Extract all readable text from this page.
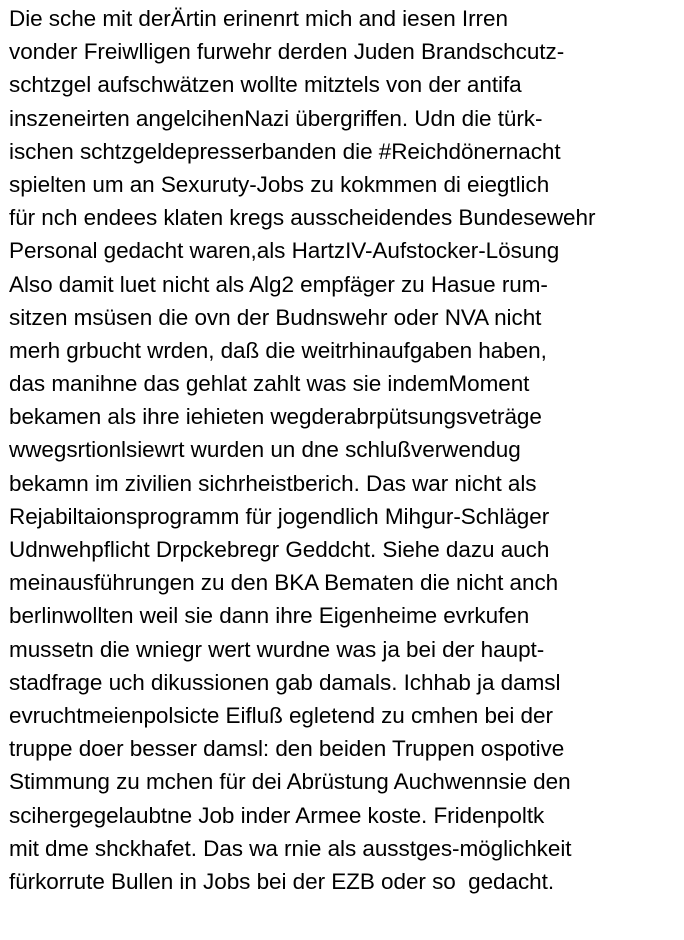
Die sche mit derÄrtin erinenrt mich and iesen Irren
vonder Freiwlligen furwehr derden Juden Brandschcutz-
schtzgel aufschwätzen wollte mitztels von der antifa
inszeneirten angelcihenNazi übergriffen. Udn die türk-
ischen schtzgeldepresserbanden die #Reichdönernacht
spielten um an Sexuruty-Jobs zu kokmmen di eiegtlich
für nch endees klaten kregs ausscheidendes Bundesewehr
Personal gedacht waren,als HartzIV-Aufstocker-Lösung
Also damit luet nicht als Alg2 empfäger zu Hasue rum-
sitzen msüsen die ovn der Budnswehr oder NVA nicht
merh grbucht wrden, daß die weitrhinaufgaben haben,
das manihne das gehlat zahlt was sie indemMoment
bekamen als ihre iehieten wegderabrpütsungsveträge
wwegsrtionlsiewrt wurden un dne schlußverwendug
bekamn im zivilien sichrheistberich. Das war nicht als
Rejabiltaionsprogramm für jogendlich Mihgur-Schläger
Udnwehpflicht Drpckebregr Geddcht. Siehe dazu auch
meinausführungen zu den BKA Bematen die nicht anch
berlinwollten weil sie dann ihre Eigenheime evrkufen
mussetn die wniegr wert wurdne was ja bei der haupt-
stadfrage uch dikussionen gab damals. Ichhab ja damsl
evruchtmeienpolsicte Eifluß egletend zu cmhen bei der
truppe doer besser damsl: den beiden Truppen ospotive
Stimmung zu mchen für dei Abrüstung Auchwennsie den
scihergegelaubtne Job inder Armee koste. Fridenpoltk
mit dme shckhafet. Das wa rnie als ausstges-möglichkeit
fürkorrute Bullen in Jobs bei der EZB oder so  gedacht.
